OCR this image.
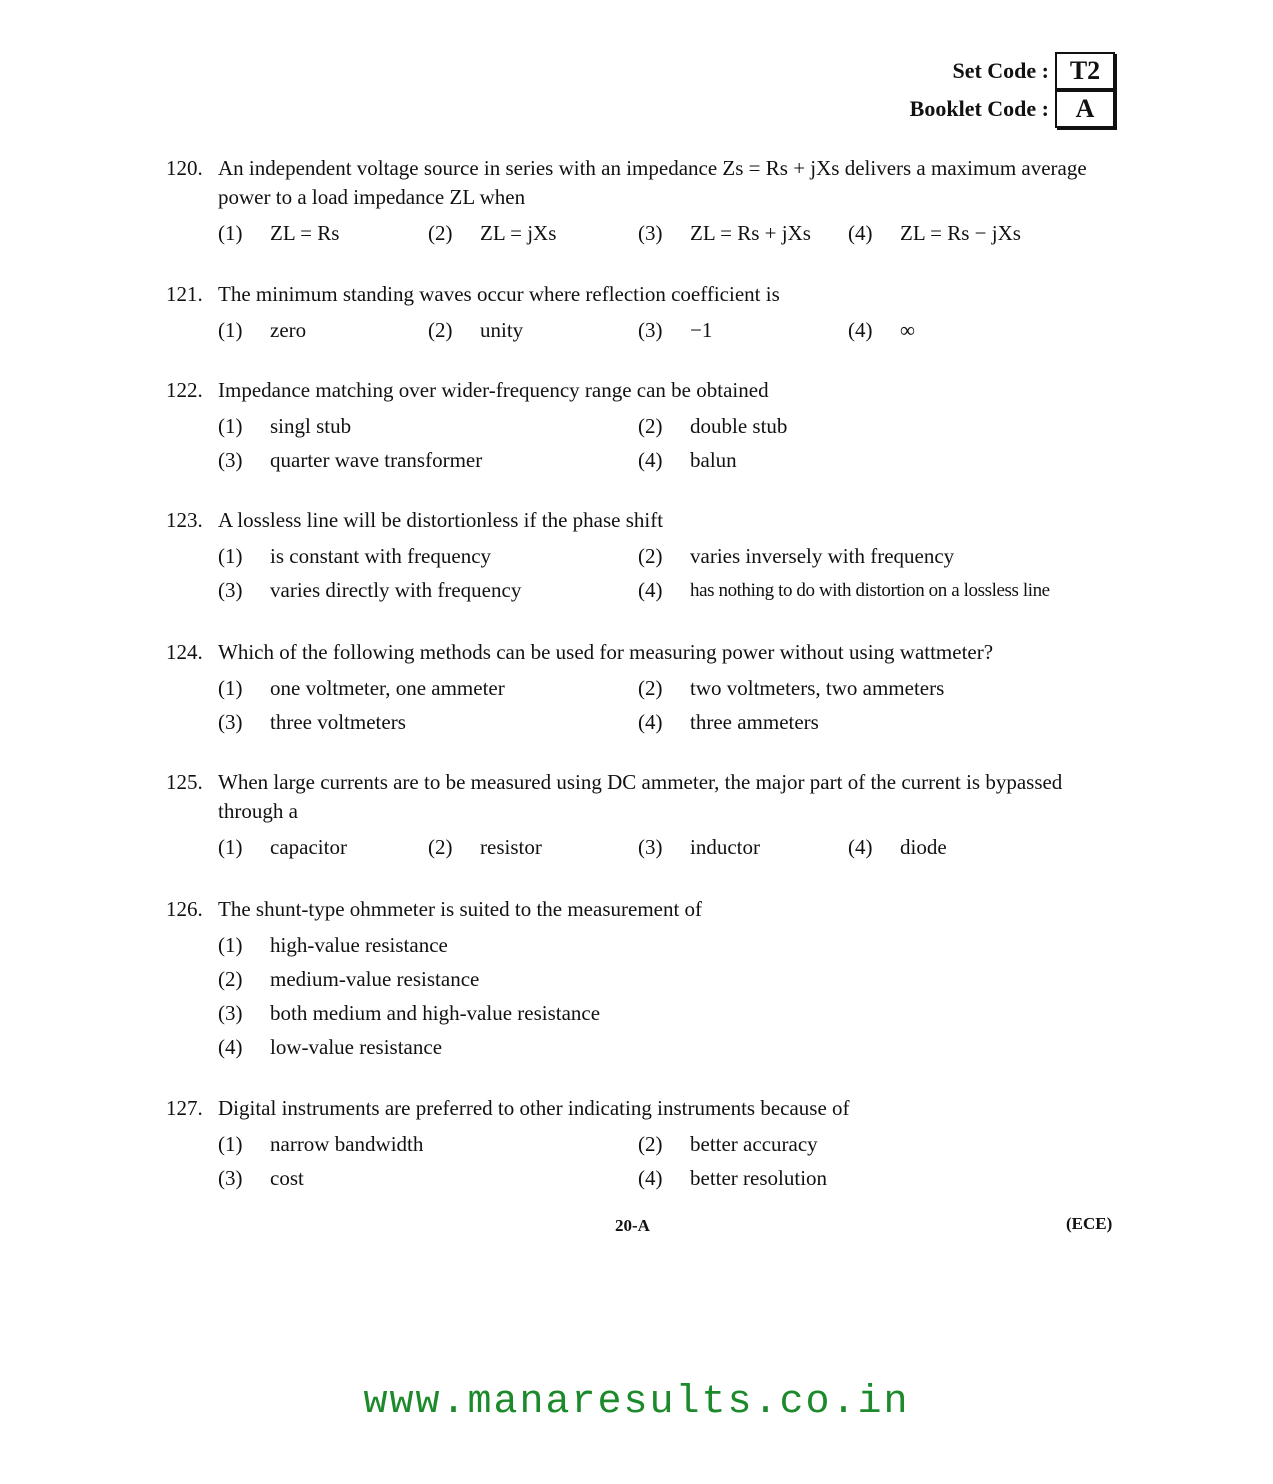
Set Code : T2
Booklet Code :	A
120. An independent voltage source in series with an impedance Zs = Rs + jXs delivers a maximum average power to a load impedance ZL when
(1)	ZL = Rs	(2)	ZL = jXs	(3)	ZL = Rs + jXs (4)	ZL = Rs − jXs
121. The minimum standing waves occur where reflection coefficient is
(1)	zero	(2)	unity	(3)	−1	(4)	∞
122. Impedance matching over wider-frequency range can be obtained
(1)	singl stub	(2)	double stub
(3)	quarter wave transformer	(4)	balun
123. A lossless line will be distortionless if the phase shift
(1)	is constant with frequency	(2)	varies inversely with frequency
(3)	varies directly with frequency	(4)	has nothing to do with distortion on a lossless line
124. Which of the following methods can be used for measuring power without using wattmeter?
(1)	one voltmeter, one ammeter	(2)	two voltmeters, two ammeters
(3)	three voltmeters	(4)	three ammeters
125. When large currents are to be measured using DC ammeter, the major part of the current is bypassed through a
(1)	capacitor	(2)	resistor	(3)	inductor	(4)	diode
126. The shunt-type ohmmeter is suited to the measurement of
(1)	high-value resistance
(2)	medium-value resistance
(3)	both medium and high-value resistance
(4)	low-value resistance
127. Digital instruments are preferred to other indicating instruments because of
(1)	narrow bandwidth	(2)	better accuracy
(3)	cost	(4)	better resolution
20-A	(ECE)
www.manaresults.co.in
